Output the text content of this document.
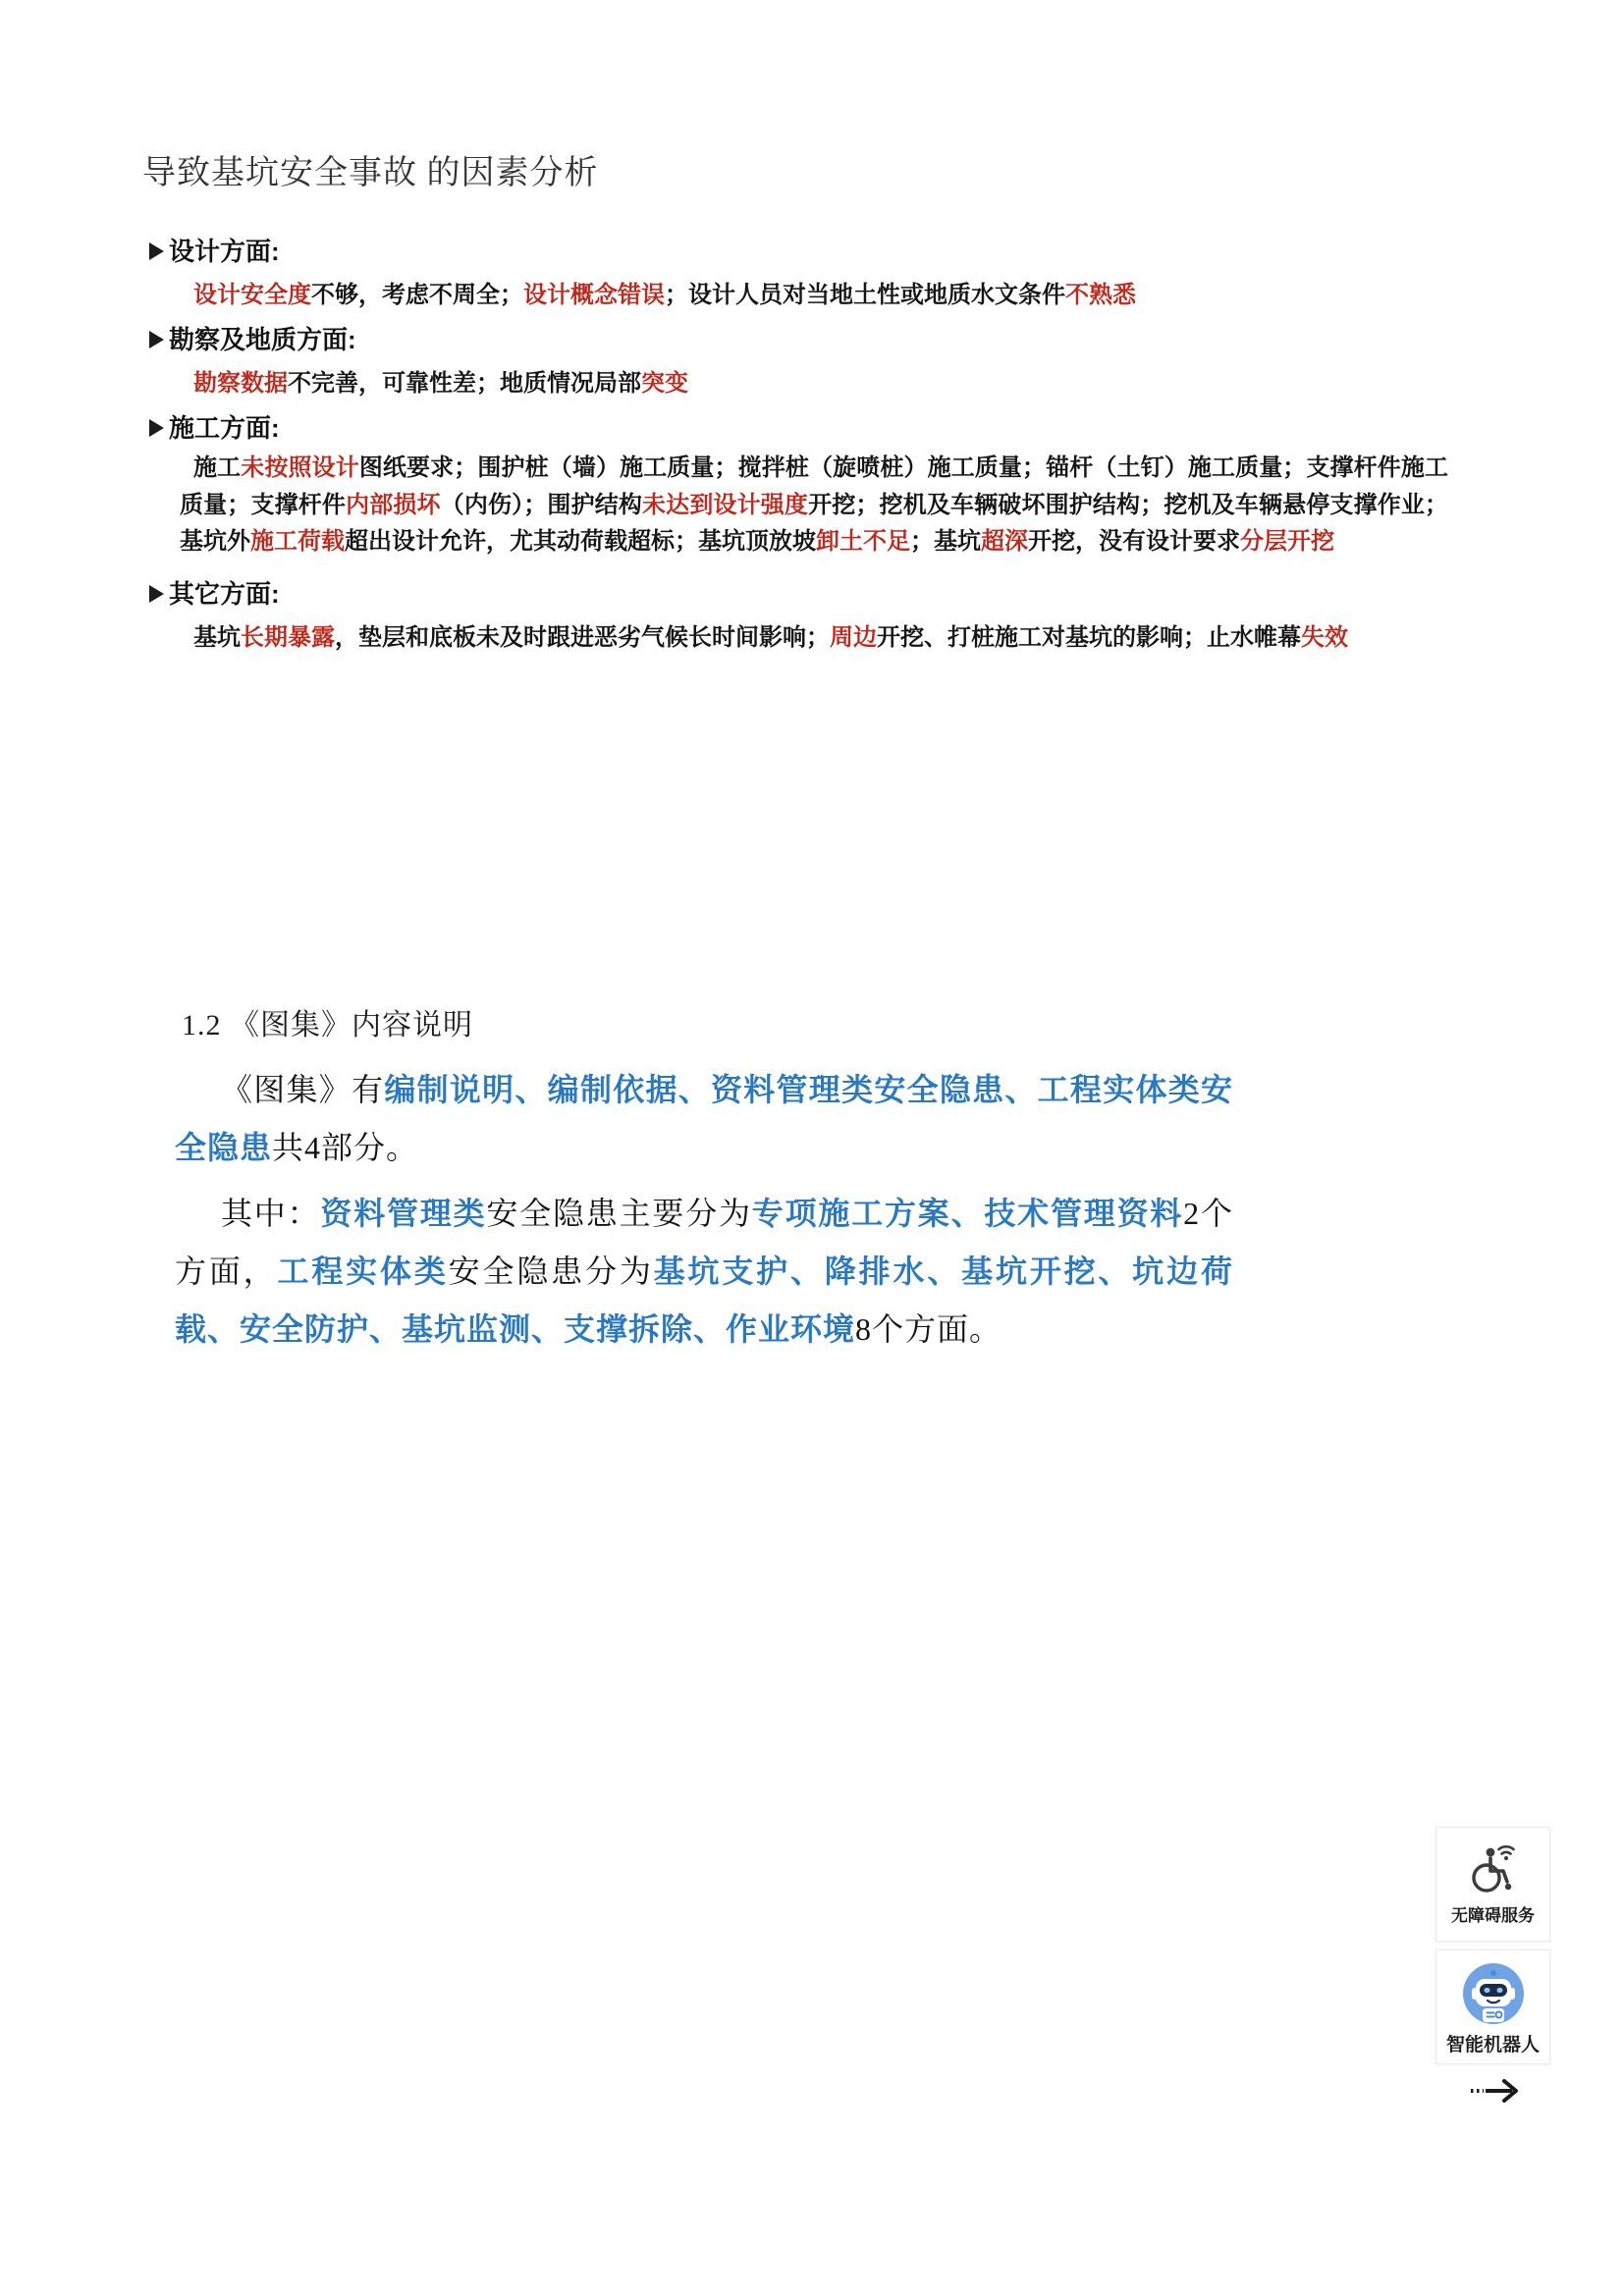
导致基坑安全事故 的因素分析
设计方面:
设计安全度不够，考虑不周全；设计概念错误；设计人员对当地土性或地质水文条件不熟悉
勘察及地质方面:
勘察数据不完善，可靠性差；地质情况局部突变
施工方面:
施工未按照设计图纸要求；围护桩（墙）施工质量；搅拌桩（旋喷桩）施工质量；锚杆（土钉）施工质量；支撑杆件施工质量；支撑杆件内部损坏（内伤）；围护结构未达到设计强度开挖；挖机及车辆破坏围护结构；挖机及车辆悬停支撑作业；基坑外施工荷载超出设计允许，尤其动荷载超标；基坑顶放坡卸土不足；基坑超深开挖，没有设计要求分层开挖
其它方面:
基坑长期暴露，垫层和底板未及时跟进恶劣气候长时间影响；周边开挖、打桩施工对基坑的影响；止水帷幕失效
1.2 《图集》内容说明
《图集》有编制说明、编制依据、资料管理类安全隐患、工程实体类安全隐患共4部分。
其中：资料管理类安全隐患主要分为专项施工方案、技术管理资料2个方面，工程实体类安全隐患分为基坑支护、降排水、基坑开挖、坑边荷载、安全防护、基坑监测、支撑拆除、作业环境8个方面。
无障碍服务
智能机器人
